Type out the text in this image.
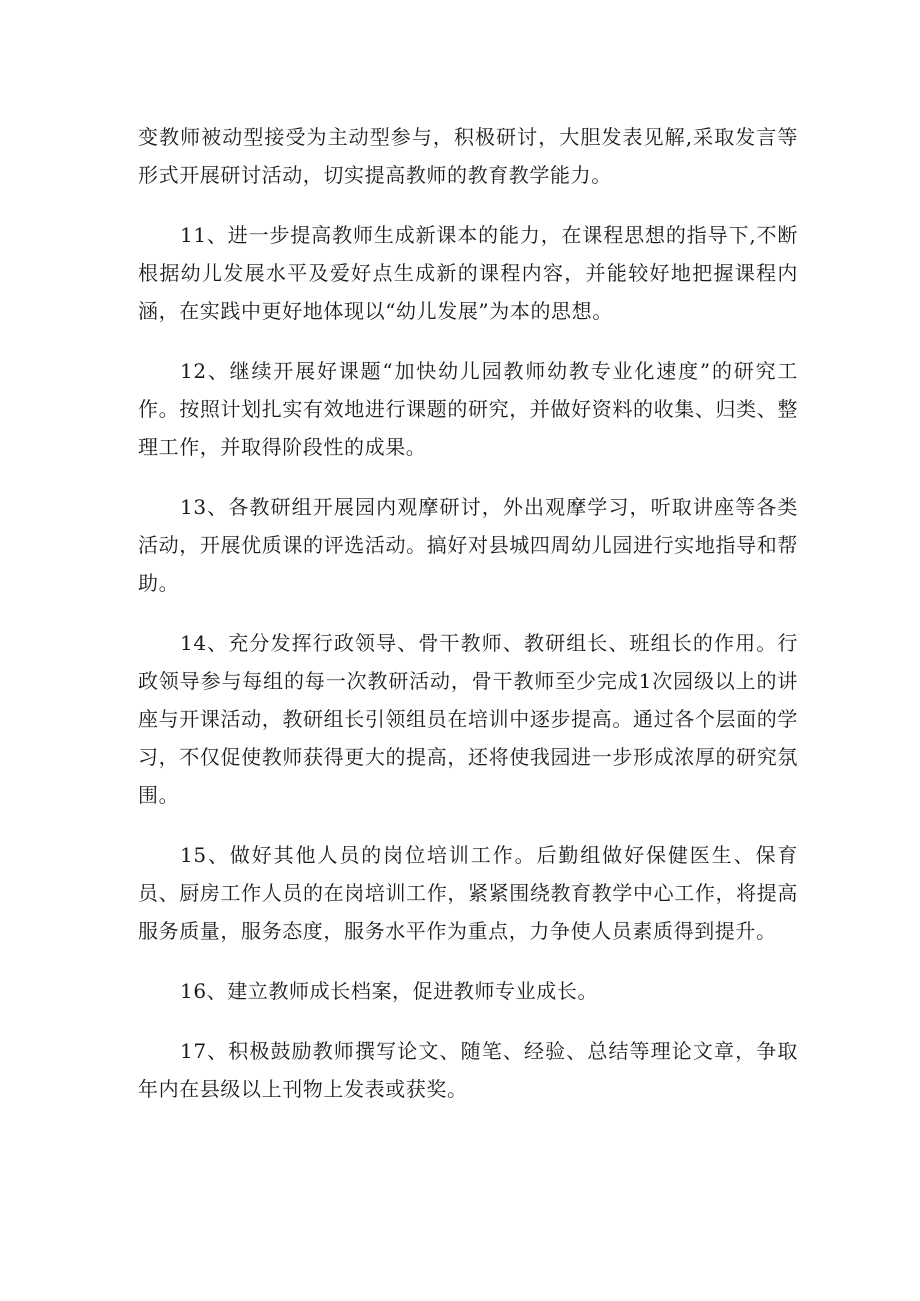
变教师被动型接受为主动型参与，积极研讨，大胆发表见解,采取发言等形式开展研讨活动，切实提高教师的教育教学能力。

11、进一步提高教师生成新课本的能力，在课程思想的指导下,不断根据幼儿发展水平及爱好点生成新的课程内容，并能较好地把握课程内涵，在实践中更好地体现以“幼儿发展”为本的思想。

12、继续开展好课题“加快幼儿园教师幼教专业化速度”的研究工作。按照计划扎实有效地进行课题的研究，并做好资料的收集、归类、整理工作，并取得阶段性的成果。

13、各教研组开展园内观摩研讨，外出观摩学习，听取讲座等各类活动，开展优质课的评选活动。搞好对县城四周幼儿园进行实地指导和帮助。

14、充分发挥行政领导、骨干教师、教研组长、班组长的作用。行政领导参与每组的每一次教研活动，骨干教师至少完成1次园级以上的讲座与开课活动，教研组长引领组员在培训中逐步提高。通过各个层面的学习，不仅促使教师获得更大的提高，还将使我园进一步形成浓厚的研究氛围。

15、做好其他人员的岗位培训工作。后勤组做好保健医生、保育员、厨房工作人员的在岗培训工作，紧紧围绕教育教学中心工作，将提高服务质量，服务态度，服务水平作为重点，力争使人员素质得到提升。

16、建立教师成长档案，促进教师专业成长。

17、积极鼓励教师撰写论文、随笔、经验、总结等理论文章，争取年内在县级以上刊物上发表或获奖。
